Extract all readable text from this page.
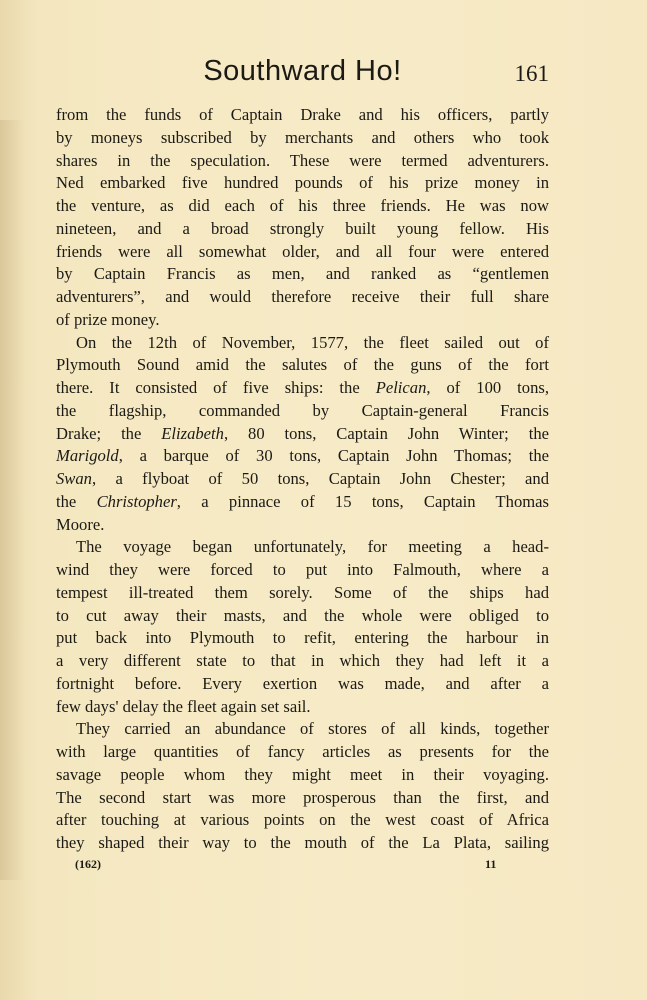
Southward Ho!	161
from the funds of Captain Drake and his officers, partly
by moneys subscribed by merchants and others who took
shares in the speculation. These were termed adventurers.
Ned embarked five hundred pounds of his prize money in
the venture, as did each of his three friends. He was now
nineteen, and a broad strongly built young fellow. His
friends were all somewhat older, and all four were entered
by Captain Francis as men, and ranked as “gentlemen
adventurers”, and would therefore receive their full share
of prize money.
On the 12th of November, 1577, the fleet sailed out of
Plymouth Sound amid the salutes of the guns of the fort
there. It consisted of five ships: the Pelican, of 100 tons,
the flagship, commanded by Captain-general Francis
Drake; the Elizabeth, 80 tons, Captain John Winter; the
Marigold, a barque of 30 tons, Captain John Thomas; the
Swan, a flyboat of 50 tons, Captain John Chester; and
the Christopher, a pinnace of 15 tons, Captain Thomas
Moore.
The voyage began unfortunately, for meeting a head-
wind they were forced to put into Falmouth, where a
tempest ill-treated them sorely. Some of the ships had
to cut away their masts, and the whole were obliged to
put back into Plymouth to refit, entering the harbour in
a very different state to that in which they had left it a
fortnight before. Every exertion was made, and after a
few days' delay the fleet again set sail.
They carried an abundance of stores of all kinds, together
with large quantities of fancy articles as presents for the
savage people whom they might meet in their voyaging.
The second start was more prosperous than the first, and
after touching at various points on the west coast of Africa
they shaped their way to the mouth of the La Plata, sailing
(162)	11
